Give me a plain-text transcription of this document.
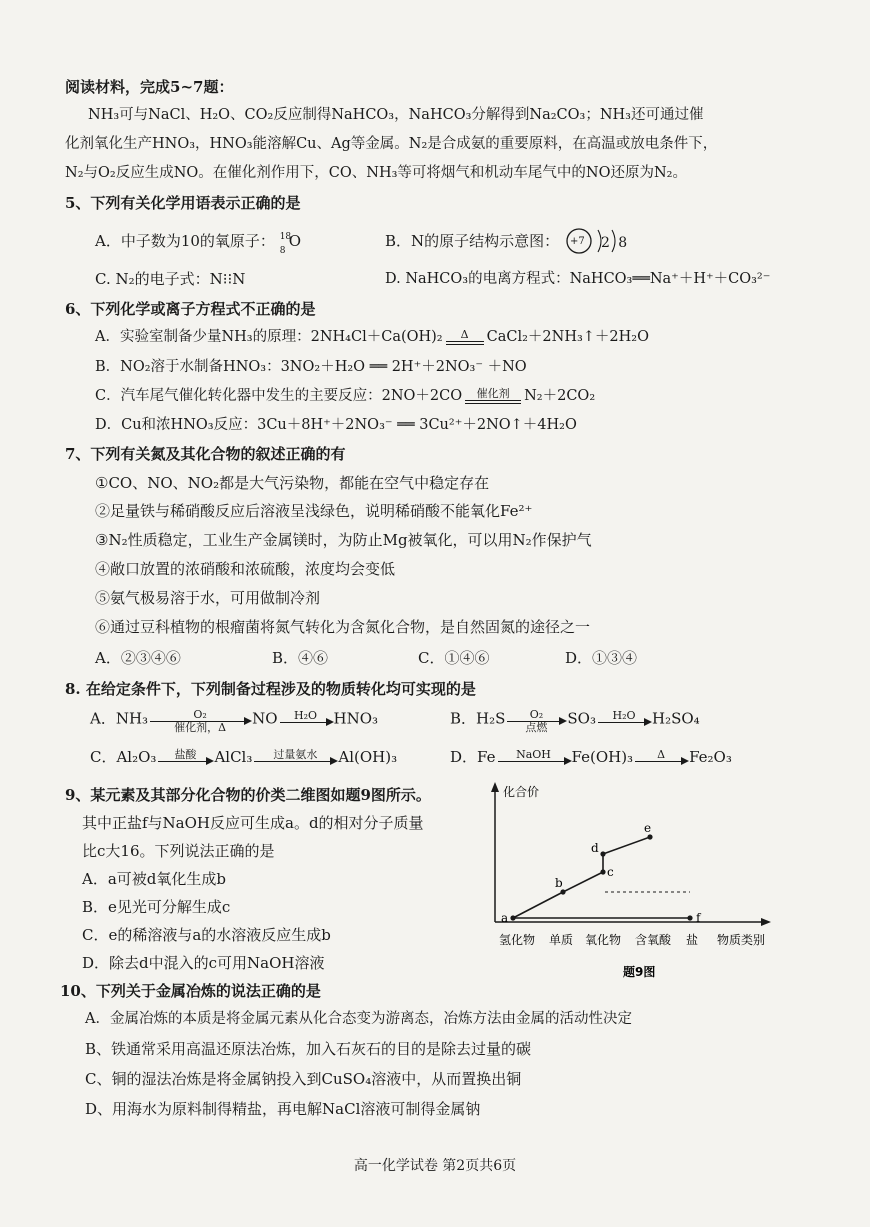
阅读材料，完成5~7题：
NH₃可与NaCl、H₂O、CO₂反应制得NaHCO₃，NaHCO₃分解得到Na₂CO₃；NH₃还可通过催
化剂氧化生产HNO₃，HNO₃能溶解Cu、Ag等金属。N₂是合成氨的重要原料，在高温或放电条件下，
N₂与O₂反应生成NO。在催化剂作用下，CO、NH₃等可将烟气和机动车尾气中的NO还原为N₂。
5、下列有关化学用语表示正确的是
A．中子数为10的氧原子： 18
8
O	B．N的原子结构示意图： +7 2 8
C. N₂的电子式：N⁝⁝N	D. NaHCO₃的电离方程式：NaHCO₃══Na⁺＋H⁺＋CO₃²⁻
6、下列化学或离子方程式不正确的是
A．实验室制备少量NH₃的原理：2NH₄Cl＋Ca(OH)₂	Δ	CaCl₂＋2NH₃↑＋2H₂O
B．NO₂溶于水制备HNO₃：3NO₂＋H₂O ══ 2H⁺＋2NO₃⁻ ＋NO
C．汽车尾气催化转化器中发生的主要反应：2NO＋2CO	催化剂	N₂＋2CO₂
D．Cu和浓HNO₃反应：3Cu＋8H⁺＋2NO₃⁻ ══ 3Cu²⁺＋2NO↑＋4H₂O
7、下列有关氮及其化合物的叙述正确的有
①CO、NO、NO₂都是大气污染物，都能在空气中稳定存在
②足量铁与稀硝酸反应后溶液呈浅绿色，说明稀硝酸不能氧化Fe²⁺
③N₂性质稳定，工业生产金属镁时，为防止Mg被氧化，可以用N₂作保护气
④敞口放置的浓硝酸和浓硫酸，浓度均会变低
⑤氨气极易溶于水，可用做制冷剂
⑥通过豆科植物的根瘤菌将氮气转化为含氮化合物，是自然固氮的途径之一
A．②③④⑥	B．④⑥	C．①④⑥	D．①③④
8. 在给定条件下，下列制备过程涉及的物质转化均可实现的是
A．NH₃	O₂
催化剂，Δ	NO	H₂O	HNO₃	B．H₂S	O₂
点燃	SO₃	H₂O	H₂SO₄
C．Al₂O₃	盐酸	AlCl₃	过量氨水	Al(OH)₃	D．Fe	NaOH	Fe(OH)₃	Δ	Fe₂O₃
9、某元素及其部分化合物的价类二维图如题9图所示。
其中正盐f与NaOH反应可生成a。d的相对分子质量
比c大16。下列说法正确的是
A．a可被d氧化生成b
B．e见光可分解生成c
C．e的稀溶液与a的水溶液反应生成b
D．除去d中混入的c可用NaOH溶液
a
b
c
d
e
f
化合价
氢化物 单质 氧化物 含氧酸 盐 物质类别
题9图
10、下列关于金属冶炼的说法正确的是
A．金属冶炼的本质是将金属元素从化合态变为游离态，冶炼方法由金属的活动性决定
B、铁通常采用高温还原法冶炼，加入石灰石的目的是除去过量的碳
C、铜的湿法冶炼是将金属钠投入到CuSO₄溶液中，从而置换出铜
D、用海水为原料制得精盐，再电解NaCl溶液可制得金属钠
高一化学试卷 第2页共6页
